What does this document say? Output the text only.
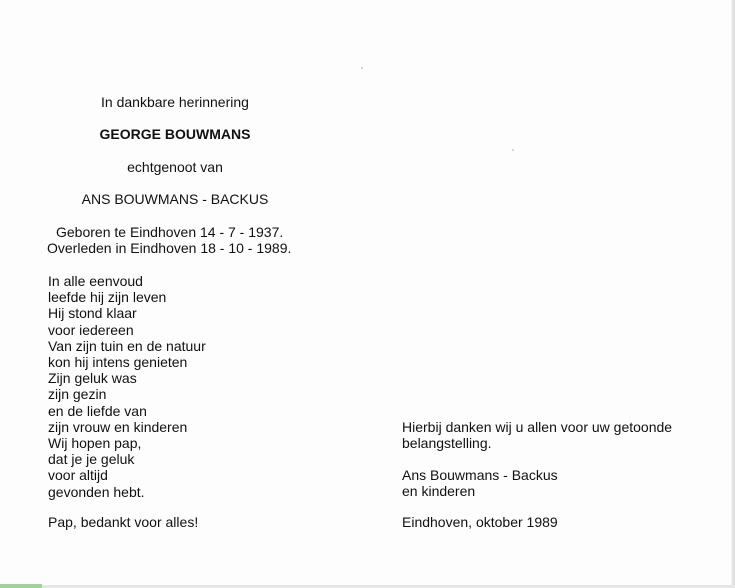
In dankbare herinnering
GEORGE BOUWMANS
echtgenoot van
ANS BOUWMANS - BACKUS
Geboren te Eindhoven 14 - 7 - 1937.
Overleden in Eindhoven 18 - 10 - 1989.
In alle eenvoud
leefde hij zijn leven
Hij stond klaar
voor iedereen
Van zijn tuin en de natuur
kon hij intens genieten
Zijn geluk was
zijn gezin
en de liefde van
zijn vrouw en kinderen
Wij hopen pap,
dat je je geluk
voor altijd
gevonden hebt.
Pap, bedankt voor alles!
Hierbij danken wij u allen voor uw getoonde
belangstelling.
Ans Bouwmans - Backus
en kinderen
Eindhoven, oktober 1989
